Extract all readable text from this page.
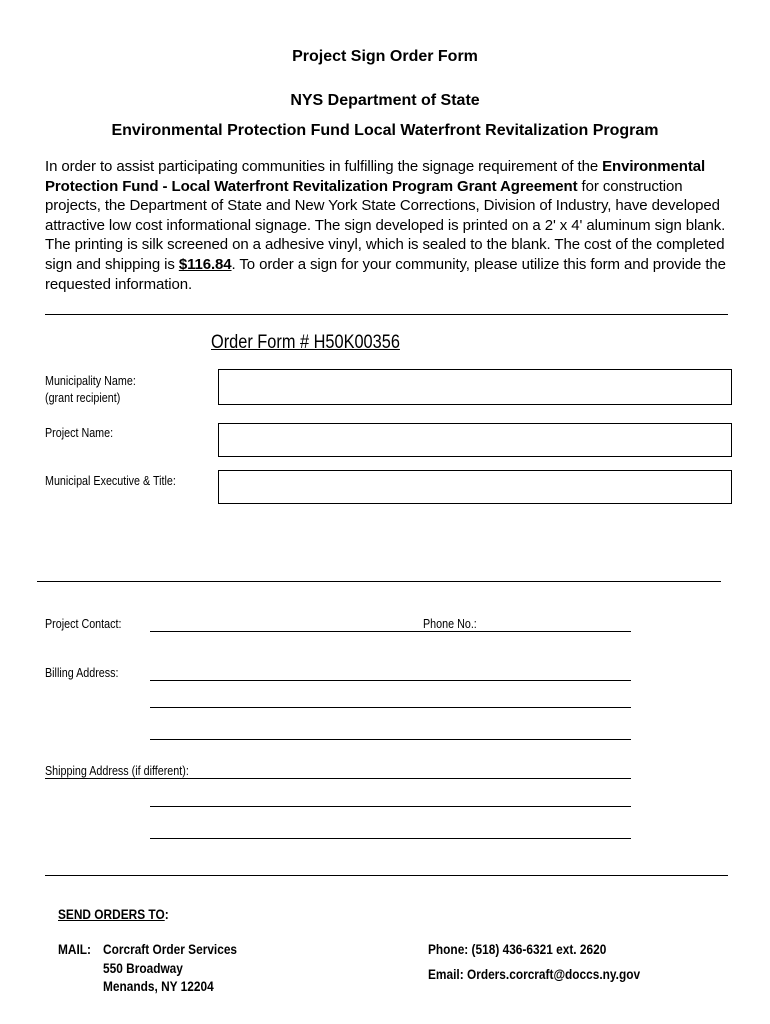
Project Sign Order Form
NYS Department of State
Environmental Protection Fund Local Waterfront Revitalization Program
In order to assist participating communities in fulfilling the signage requirement of the Environmental Protection Fund - Local Waterfront Revitalization Program Grant Agreement for construction projects, the Department of State and New York State Corrections, Division of Industry, have developed attractive low cost informational signage. The sign developed is printed on a 2' x 4' aluminum sign blank. The printing is silk screened on a adhesive vinyl, which is sealed to the blank. The cost of the completed sign and shipping is $116.84. To order a sign for your community, please utilize this form and provide the requested information.
Order Form # H50K00356
Municipality Name:
(grant recipient)
Project Name:
Municipal Executive & Title:
Project Contact:	Phone No.:
Billing Address:
Shipping Address (if different):
SEND ORDERS TO:
MAIL: Corcraft Order Services
550 Broadway
Menands, NY 12204
Phone: (518) 436-6321 ext. 2620
Email: Orders.corcraft@doccs.ny.gov
